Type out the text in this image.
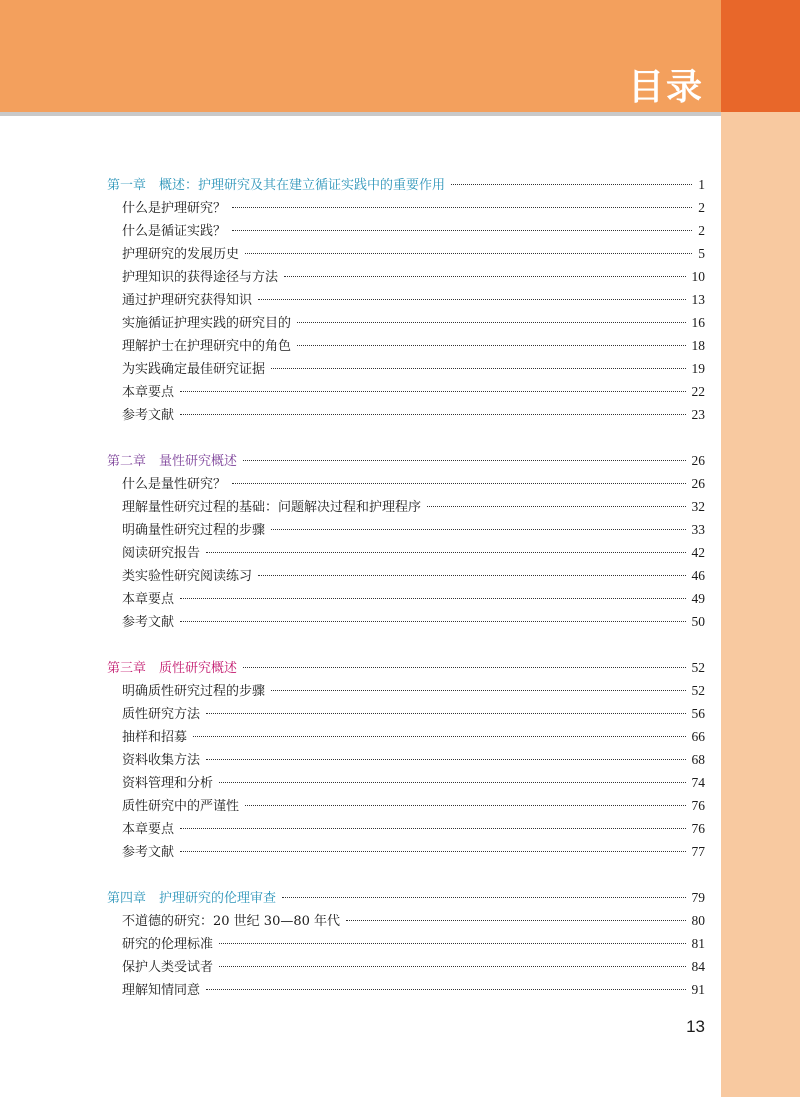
目录
第一章　概述：护理研究及其在建立循证实践中的重要作用	1
什么是护理研究？	2
什么是循证实践？	2
护理研究的发展历史	5
护理知识的获得途径与方法	10
通过护理研究获得知识	13
实施循证护理实践的研究目的	16
理解护士在护理研究中的角色	18
为实践确定最佳研究证据	19
本章要点	22
参考文献	23
第二章　量性研究概述	26
什么是量性研究？	26
理解量性研究过程的基础：问题解决过程和护理程序	32
明确量性研究过程的步骤	33
阅读研究报告	42
类实验性研究阅读练习	46
本章要点	49
参考文献	50
第三章　质性研究概述	52
明确质性研究过程的步骤	52
质性研究方法	56
抽样和招募	66
资料收集方法	68
资料管理和分析	74
质性研究中的严谨性	76
本章要点	76
参考文献	77
第四章　护理研究的伦理审查	79
不道德的研究：20 世纪 30—80 年代	80
研究的伦理标准	81
保护人类受试者	84
理解知情同意	91
13
